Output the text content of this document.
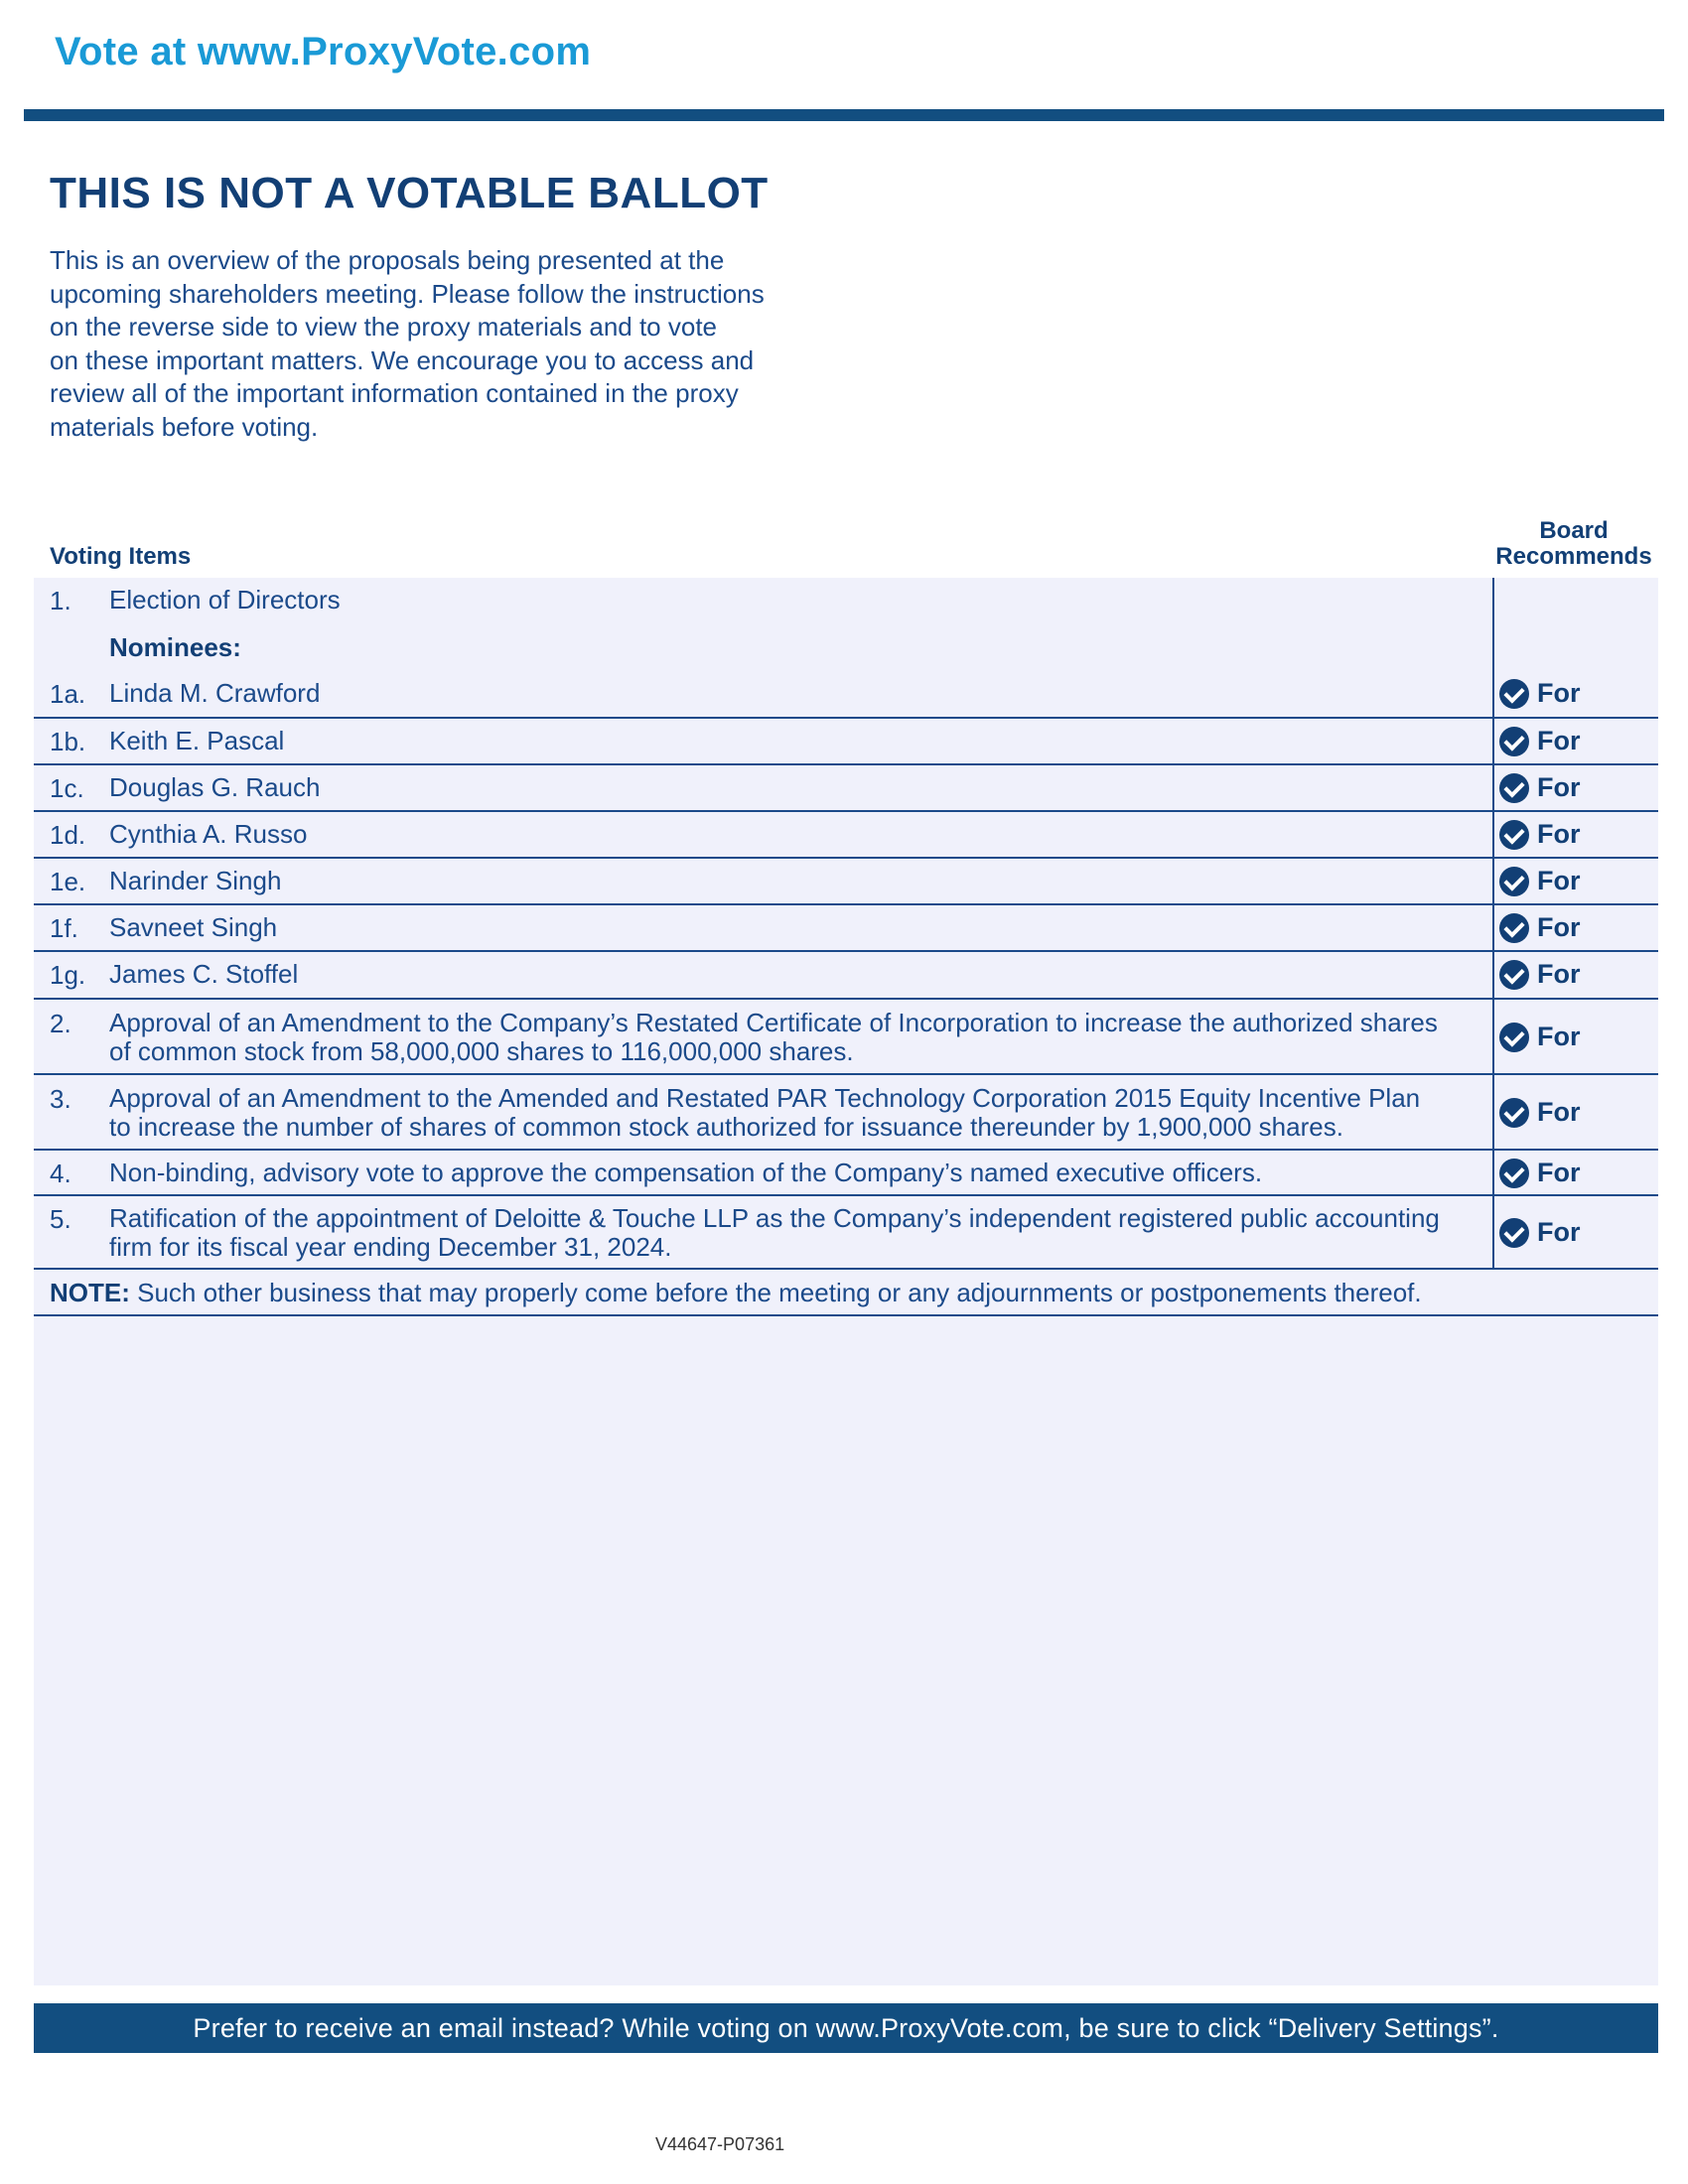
Vote at www.ProxyVote.com
THIS IS NOT A VOTABLE BALLOT
This is an overview of the proposals being presented at the
upcoming shareholders meeting. Please follow the instructions
on the reverse side to view the proxy materials and to vote
on these important matters. We encourage you to access and
review all of the important information contained in the proxy
materials before voting.
Voting Items
Board
Recommends
1. Election of Directors
Nominees:
1a. Linda M. Crawford	For
1b. Keith E. Pascal	For
1c. Douglas G. Rauch	For
1d. Cynthia A. Russo	For
1e. Narinder Singh	For
1f. Savneet Singh	For
1g. James C. Stoffel	For
2. Approval of an Amendment to the Company’s Restated Certificate of Incorporation to increase the authorized shares
of common stock from 58,000,000 shares to 116,000,000 shares.	For
3. Approval of an Amendment to the Amended and Restated PAR Technology Corporation 2015 Equity Incentive Plan
to increase the number of shares of common stock authorized for issuance thereunder by 1,900,000 shares.	For
4. Non-binding, advisory vote to approve the compensation of the Company’s named executive officers.	For
5. Ratification of the appointment of Deloitte & Touche LLP as the Company’s independent registered public accounting
firm for its fiscal year ending December 31, 2024.	For
NOTE: Such other business that may properly come before the meeting or any adjournments or postponements thereof.
Prefer to receive an email instead? While voting on www.ProxyVote.com, be sure to click “Delivery Settings”.
V44647-P07361
